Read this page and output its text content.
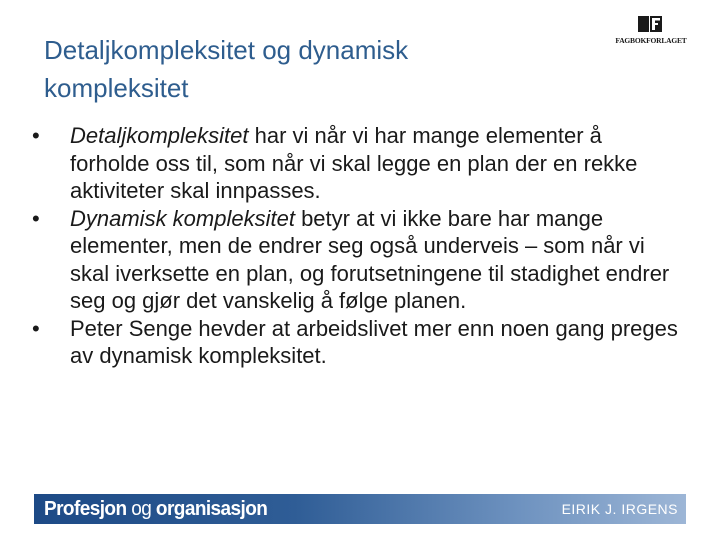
Detaljkompleksitet og dynamisk
kompleksitet
FAGBOKFORLAGET
• Detaljkompleksitet har vi når vi har mange elementer å forholde oss til, som når vi skal legge en plan der en rekke aktiviteter skal innpasses.
• Dynamisk kompleksitet betyr at vi ikke bare har mange elementer, men de endrer seg også underveis – som når vi skal iverksette en plan, og forutsetningene til stadighet endrer seg og gjør det vanskelig å følge planen.
• Peter Senge hevder at arbeidslivet mer enn noen gang preges av dynamisk kompleksitet.
Profesjon og organisasjon	EIRIK J. IRGENS
